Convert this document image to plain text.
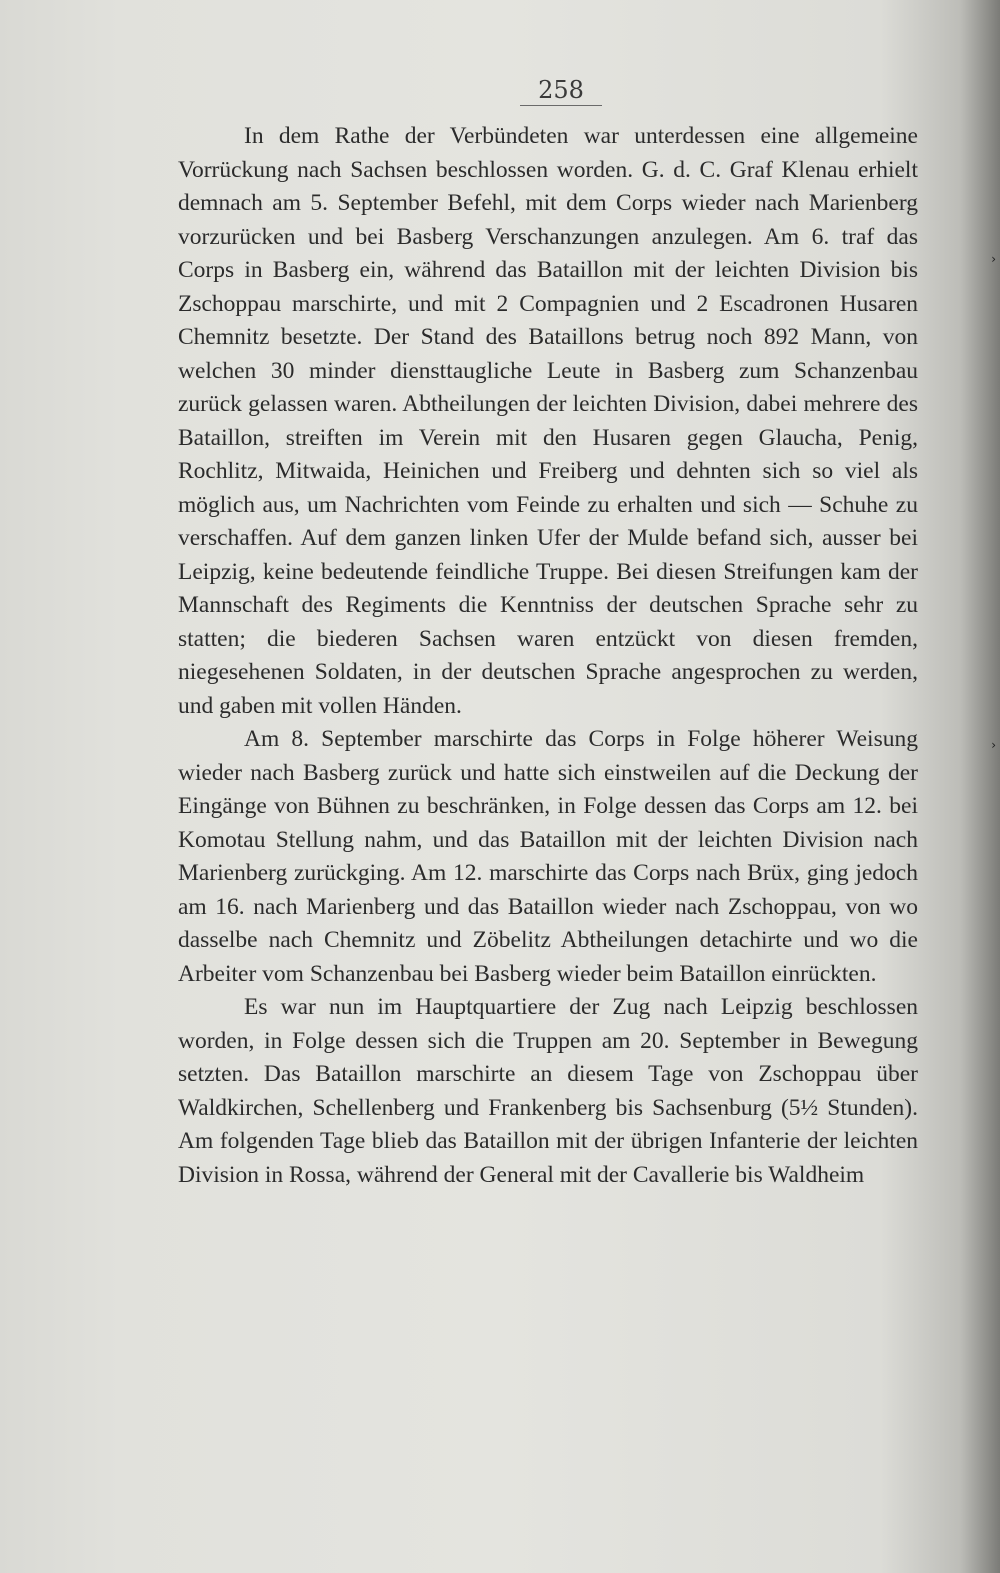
258

In dem Rathe der Verbündeten war unterdessen eine allgemeine Vorrückung nach Sachsen beschlossen worden. G. d. C. Graf Klenau erhielt demnach am 5. September Befehl, mit dem Corps wieder nach Marienberg vorzurücken und bei Basberg Verschanzungen anzulegen. Am 6. traf das Corps in Basberg ein, während das Bataillon mit der leichten Division bis Zschoppau marschirte, und mit 2 Compagnien und 2 Escadronen Husaren Chemnitz besetzte. Der Stand des Bataillons betrug noch 892 Mann, von welchen 30 minder diensttaugliche Leute in Basberg zum Schanzenbau zurück gelassen waren. Abtheilungen der leichten Division, dabei mehrere des Bataillon, streiften im Verein mit den Husaren gegen Glaucha, Penig, Rochlitz, Mitwaida, Heinichen und Freiberg und dehnten sich so viel als möglich aus, um Nachrichten vom Feinde zu erhalten und sich — Schuhe zu verschaffen. Auf dem ganzen linken Ufer der Mulde befand sich, ausser bei Leipzig, keine bedeutende feindliche Truppe. Bei diesen Streifungen kam der Mannschaft des Regiments die Kenntniss der deutschen Sprache sehr zu statten; die biederen Sachsen waren entzückt von diesen fremden, niegesehenen Soldaten, in der deutschen Sprache angesprochen zu werden, und gaben mit vollen Händen.

Am 8. September marschirte das Corps in Folge höherer Weisung wieder nach Basberg zurück und hatte sich einstweilen auf die Deckung der Eingänge von Bühnen zu beschränken, in Folge dessen das Corps am 12. bei Komotau Stellung nahm, und das Bataillon mit der leichten Division nach Marienberg zurückging. Am 12. marschirte das Corps nach Brüx, ging jedoch am 16. nach Marienberg und das Bataillon wieder nach Zschoppau, von wo dasselbe nach Chemnitz und Zöbelitz Abtheilungen detachirte und wo die Arbeiter vom Schanzenbau bei Basberg wieder beim Bataillon einrückten.

Es war nun im Hauptquartiere der Zug nach Leipzig beschlossen worden, in Folge dessen sich die Truppen am 20. September in Bewegung setzten. Das Bataillon marschirte an diesem Tage von Zschoppau über Waldkirchen, Schellenberg und Frankenberg bis Sachsenburg (5½ Stunden). Am folgenden Tage blieb das Bataillon mit der übrigen Infanterie der leichten Division in Rossa, während der General mit der Cavallerie bis Waldheim

›
›
